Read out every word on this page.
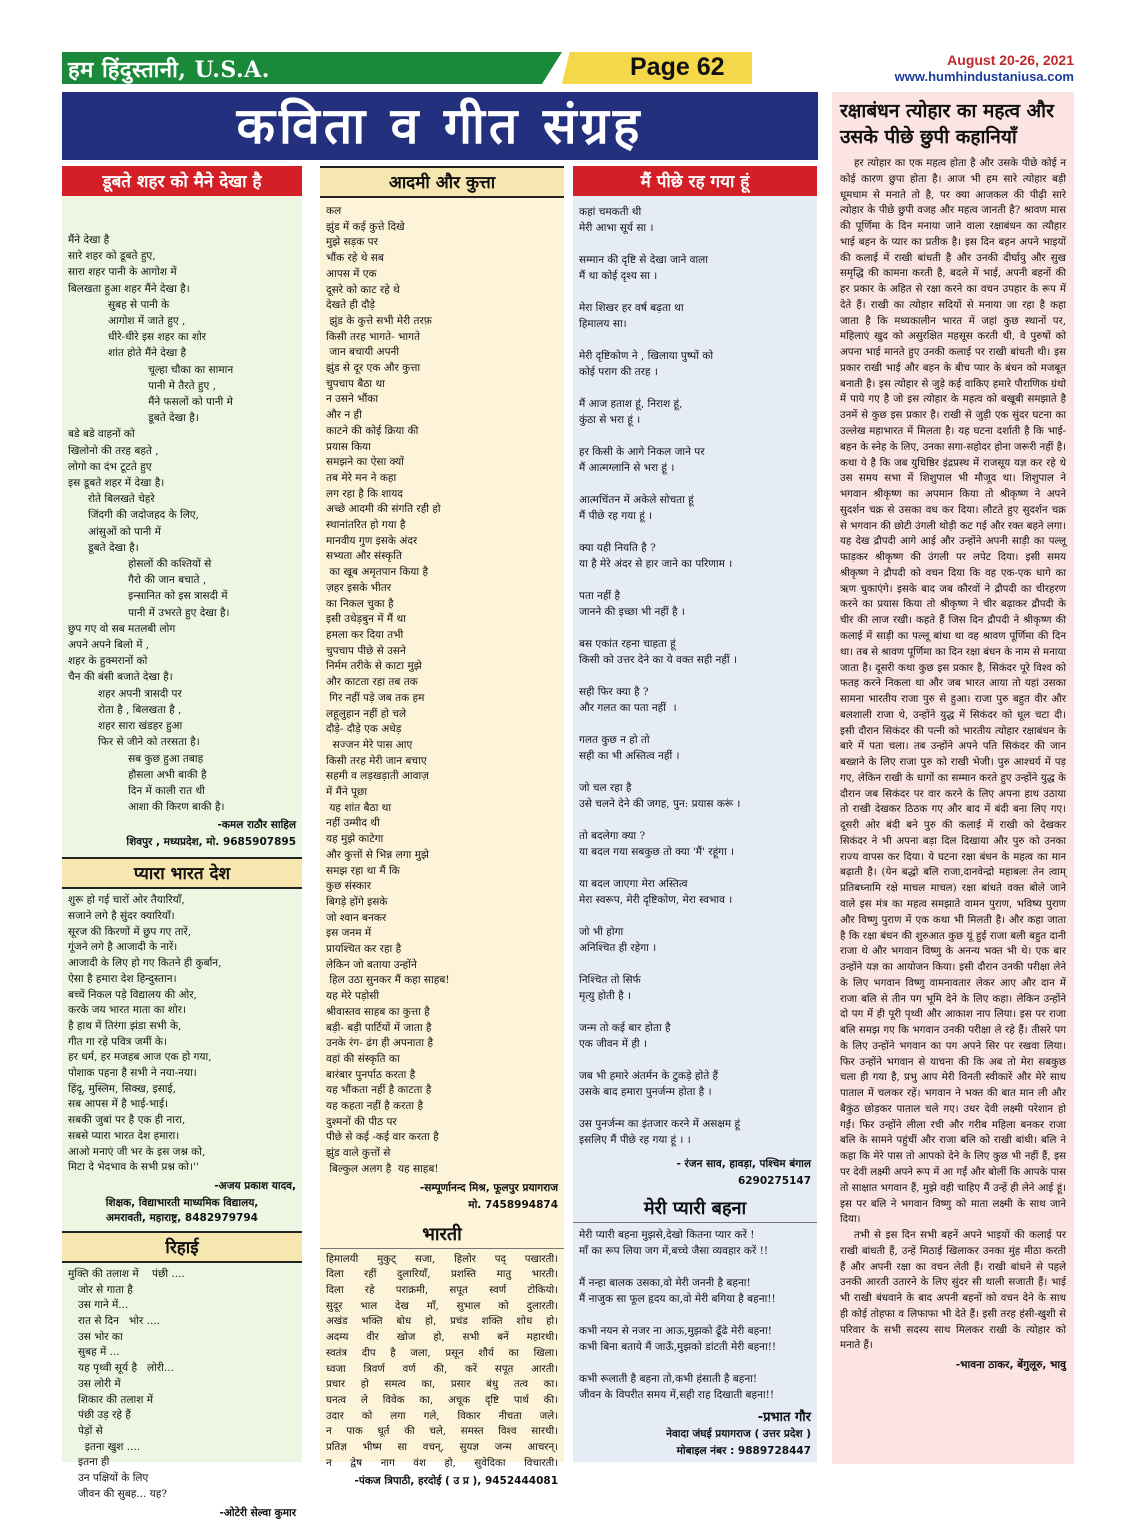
हम हिंदुस्तानी, U.S.A.	Page 62	August 20-26, 2021
www.humhindustaniusa.com
कविता व गीत संग्रह
डूबते शहर को मैने देखा है
मैंने देखा है
सारे शहर को डूबते हुए,
सारा शहर पानी के आगोश में
बिलखता हुआ शहर मैंने देखा है।
सुबह से पानी के
आगोश में जाते हुए ,
धीरे-धीरे इस शहर का शोर
शांत होते मैंने देखा है
चूल्हा चौका का सामान
पानी मे तैरते हुए ,
मैंने फसलों को पानी मे
डूबते देखा है।
बडे बडे वाहनों को
खिलोनो की तरह बहते ,
लोगो का दंभ टूटते हुए
इस डूबते शहर में देखा है।
रोते बिलखते चेहरे
जिंदगी की जदोजहद के लिए,
आंसुओं को पानी में
डूबते देखा है।
होसलों की कश्तियों से
गैरो की जान बचाते ,
इन्सानित को इस त्रासदी में
पानी में उभरते हुए देखा है।
छुप गए वो सब मतलबी लोग
अपने अपने बिलो में ,
शहर के हुक्मरानों को
चैन की बंसी बजाते देखा है।
शहर अपनी त्रासदी पर
रोता है , बिलखता है ,
शहर सारा खंडहर हुआ
फिर से जीने को तरसता है।
सब कुछ हुआ तबाह
हौसला अभी बाकी है
दिन में काली रात थी
आशा की किरण बाकी है।
-कमल राठौर साहिल
शिवपुर , मध्यप्रदेश, मो. 9685907895
प्यारा भारत देश
शुरू हो गई चारों ओर तैयारियाँ,
सजाने लगे है सुंदर क्यारियाँ।
सूरज की किरणों में छुप गए तारें,
गूंजने लगे है आजादी के नारें।
आजादी के लिए हो गए कितने ही कुर्बान,
ऐसा है हमारा देश हिन्दुस्तान।
बच्चें निकल पड़े विद्यालय की ओर,
करके जय भारत माता का शोर।
है हाथ में तिरंगा झंडा सभी के,
गीत गा रहे पवित्र जमीं के।
हर धर्म, हर मजहब आज एक हो गया,
पोशाक पहना है सभी ने नया-नया।
हिंदू, मुस्लिम, सिक्ख, इसाई,
सब आपस में है भाई-भाई।
सबकी जुबां पर है एक ही नारा,
सबसे प्यारा भारत देश हमारा।
आओ मनाएं जी भर के इस जश्न को,
मिटा दे भेदभाव के सभी प्रश्न को।''
-अजय प्रकाश यादव,
शिक्षक, विद्याभारती माध्यमिक विद्यालय,
अमरावती, महाराष्ट्र, 8482979794
रिहाई
मुक्ति की तलाश में    पंछी ....
जोर से गाता है
उस गाने में...
रात से दिन   भोर ....
उस भोर का
सुबह में ...
यह पृथ्वी सूर्य है   लोरी...
उस लोरी में
शिकार की तलाश में
पंछी उड़ रहे हैं
पेड़ों से
इतना खुश ....
इतना ही
उन पक्षियों के लिए
जीवन की सुबह... यह?
-ओटेरी सेल्वा कुमार
आदमी और कुत्ता
कल
झुंड में कई कुत्ते दिखे
मुझे सड़क पर
भौंक रहे थे सब
आपस में एक
दूसरे को काट रहे थे
देखते ही दौड़े
झुंड के कुत्ते सभी मेरी तरफ़
किसी तरह भागते- भागते
जान बचायी अपनी
झुंड से दूर एक और कुत्ता
चुपचाप बैठा था
न उसने भौंका
और न ही
काटने की कोई क्रिया की
प्रयास किया
समझने का ऐसा क्यों
तब मेरे मन ने कहा
लग रहा है कि शायद
अच्छे आदमी की संगति रही हो
स्थानांतरित हो गया है
मानवीय गुण इसके अंदर
सभ्यता और संस्कृति
का खूब अमृतपान किया है
ज़हर इसके भीतर
का निकल चुका है
इसी उधेड़बुन में मैं था
हमला कर दिया तभी
चुपचाप पीछे से उसने
निर्मम तरीके से काटा मुझे
और काटता रहा तब तक
गिर नहीं पड़े जब तक हम
लहूलुहान नहीं हो चले
दौड़े- दौड़े एक अधेड़
सज्जन मेरे पास आए
किसी तरह मेरी जान बचाए
सहमी व लड़खड़ाती आवाज़
में मैंने पूछा
यह शांत बैठा था
नहीं उम्मीद थी
यह मुझे काटेगा
और कुत्तों से भिन्न लगा मुझे
समझ रहा था मैं कि
कुछ संस्कार
बिगड़े होंगे इसके
जो श्वान बनकर
इस जनम में
प्रायश्चित कर रहा है
लेकिन जो बताया उन्होंने
हिल उठा सुनकर मैं कहा साहब!
यह मेरे पड़ोसी
श्रीवास्तव साहब का कुत्ता है
बड़ी- बड़ी पार्टियों में जाता है
उनके रंग- ढंग ही अपनाता है
वहां की संस्कृति का
बारंबार पुनर्पाठ करता है
यह भौंकता नहीं है काटता है
यह कहता नहीं है करता है
दुश्मनों की पीठ पर
पीछे से कई -कई वार करता है
झुंड वाले कुत्तों से
बिल्कुल अलग है  यह साहब!
-सम्पूर्णानन्द मिश्र, फूलपुर प्रयागराज
मो. 7458994874
भारती
हिमालयी मुकुट् सजा, हिलोर पद् पखारती।
दिला रहीं दुलारियाँ, प्रशस्ति मातु भारती।
दिला रहे पराक्रमी, सपूत स्वर्ण टोकियो।
सुदूर भाल देख माँ, सुभाल को दुलारती।
अखंड भक्ति बोध हो, प्रचंड शक्ति शोध हो।
अदम्य वीर खोज हो, सभी बनें महारथी।
स्वतंत्र दीप है जला, प्रसून शौर्य का खिला।
ध्वजा त्रिवर्ण वर्ण की, करें सपूत आरती।
प्रचार हो समत्व का, प्रसार बंधु तत्व का।
घनत्व ले विवेक का, अचूक दृष्टि पार्थ की।
उदार को लगा गले, विकार नीचता जले।
न पाक धूर्त की चले, समस्त विश्व सारथी।
प्रतिज्ञ भीष्म सा वचन्, सुयज्ञ जन्म आचरन्।
न द्वेष नाग वंश हो, सुवेदिका विचारती।
-पंकज त्रिपाठी, हरदोई ( उ प्र ), 9452444081
मैं पीछे रह गया हूं
कहां चमकती थी
मेरी आभा सूर्य सा ।
सम्मान की दृष्टि से देखा जाने वाला
मैं था कोई दृश्य सा ।
मेरा शिखर हर वर्ष बढ़ता था
हिमालय सा।
मेरी दृष्टिकोण ने , खिलाया पुष्पों को
कोई पराग की तरह ।
मैं आज हताश हूं, निराश हूं,
कुंठा से भरा हूं ।
हर किसी के आगे निकल जाने पर
मैं आत्मग्लानि से भरा हूं ।
आत्मचिंतन में अकेले सोचता हूं
मैं पीछे रह गया हूं ।
क्या यही नियति है ?
या है मेरे अंदर से हार जाने का परिणाम ।
पता नहीं है
जानने की इच्छा भी नहीं है ।
बस एकांत रहना चाहता हूं
किसी को उत्तर देने का ये वक्त सही नहीं ।
सही फिर क्या है ?
और गलत का पता नहीं  ।
गलत कुछ न हो तो
सही का भी अस्तित्व नहीं ।
जो चल रहा है
उसे चलने देने की जगह, पुन: प्रयास करूं ।
तो बदलेगा क्या ?
या बदल गया सबकुछ तो क्या 'मैं' रहूंगा ।
या बदल जाएगा मेरा अस्तित्व
मेरा स्वरूप, मेरी दृष्टिकोण, मेरा स्वभाव ।
जो भी होगा
अनिश्चित ही रहेगा ।
निश्चित तो सिर्फ
मृत्यु होती है ।
जन्म तो कई बार होता है
एक जीवन में ही ।
जब भी हमारे अंतर्मन के टुकड़े होते हैं
उसके बाद हमारा पुनर्जन्म होता है ।
उस पुनर्जन्म का इंतजार करने में असक्षम हूं
इसलिए मैं पीछे रह गया हूं । ।
- रंजन साव, हावड़ा, पश्चिम बंगाल
6290275147
मेरी प्यारी बहना
मेरी प्यारी बहना मुझसे,देखो कितना प्यार करें !
माँ का रूप लिया जग में,बच्चे जैसा व्यवहार करें !!
मैं नन्हा बालक उसका,वो मेरी जननी है बहना!
मैं नाजुक सा फूल हृदय का,वो मेरी बगिया है बहना!!
कभी नयन से नजर ना आऊ,मुझको ढूँढे मेरी बहना!
कभी बिना बताये मैं जाऊँ,मुझको डांटती मेरी बहना!!
कभी रूलाती है बहना तो,कभी हंसाती है बहना!
जीवन के विपरीत समय में,सही राह दिखाती बहना!!
-प्रभात गौर
नेवादा जंघई प्रयागराज ( उत्तर प्रदेश )
मोबाइल नंबर : 9889728447
रक्षाबंधन त्योहार का महत्व और उसके पीछे छुपी कहानियाँ

हर त्योहार का एक महत्व होता है और उसके पीछे कोई न कोई कारण छुपा होता है। आज भी हम सारे त्योहार बड़ी धूमधाम से मनाते तो है, पर क्या आजकल की पीढ़ी सारे त्योहार के पीछे छुपी वजह और महत्व जानती है? श्रावण मास की पूर्णिमा के दिन मनाया जाने वाला रक्षाबंधन का त्यौहार भाई बहन के प्यार का प्रतीक है। इस दिन बहन अपने भाइयों की कलाई में राखी बांधती है और उनकी दीर्घायु और सुख समृद्धि की कामना करती है, बदले में भाई, अपनी बहनों की हर प्रकार के अहित से रक्षा करने का वचन उपहार के रूप में देते हैं। राखी का त्योहार सदियों से मनाया जा रहा है कहा जाता है कि मध्यकालीन भारत में जहां कुछ स्थानों पर, महिलाएं खुद को असुरक्षित महसूस करती थी, वे पुरुषों को अपना भाई मानते हुए उनकी कलाई पर राखी बांधती थी। इस प्रकार राखी भाई और बहन के बीच प्यार के बंधन को मजबूत बनाती है। इस त्योहार से जुड़े कई वाकिए हमारे पौराणिक ग्रंथो में पाये गए है जो इस त्योहार के महत्व को बखूबी समझाते है उनमें से कुछ इस प्रकार है। राखी से जुड़ी एक सुंदर घटना का उल्लेख महाभारत में मिलता है। यह घटना दर्शाती है कि भाई-बहन के स्नेह के लिए, उनका सगा-सहोदर होना जरूरी नहीं है। कथा ये है कि जब युधिष्ठिर इंद्रप्रस्थ में राजसूय यज्ञ कर रहे थे उस समय सभा में शिशुपाल भी मौजूद था। शिशुपाल ने भगवान श्रीकृष्ण का अपमान किया तो श्रीकृष्ण ने अपने सुदर्शन चक्र से उसका वध कर दिया। लौटते हुए सुदर्शन चक्र से भगवान की छोटी उंगली थोड़ी कट गई और रक्त बहने लगा। यह देख द्रौपदी आगे आई और उन्होंने अपनी साड़ी का पल्लू फाड़कर श्रीकृष्ण की उंगली पर लपेट दिया। इसी समय श्रीकृष्ण ने द्रौपदी को वचन दिया कि वह एक-एक धागे का ऋण चुकाएंगे। इसके बाद जब कौरवों ने द्रौपदी का चीरहरण करने का प्रयास किया तो श्रीकृष्ण ने चीर बढ़ाकर द्रौपदी के चीर की लाज रखी। कहते हैं जिस दिन द्रौपदी ने श्रीकृष्ण की कलाई में साड़ी का पल्लू बांधा था वह श्रावण पूर्णिमा की दिन था। तब से श्रावण पूर्णिमा का दिन रक्षा बंधन के नाम से मनाया जाता है। दूसरी कथा कुछ इस प्रकार है, सिकंदर पूरे विश्व को फतह करने निकला था और जब भारत आया तो यहां उसका सामना भारतीय राजा पुरु से हुआ। राजा पुरु बहुत वीर और बलशाली राजा थे, उन्होंने युद्ध में सिकंदर को धूल चटा दी। इसी दौरान सिकंदर की पत्नी को भारतीय त्योहार रक्षाबंधन के बारे में पता चला। तब उन्होंने अपने पति सिकंदर की जान बख्शने के लिए राजा पुरु को राखी भेजी। पुरु आश्चर्य में पड़ गए, लेकिन राखी के धागों का सम्मान करते हुए उन्होंने युद्ध के दौरान जब सिकंदर पर वार करने के लिए अपना हाथ उठाया तो राखी देखकर ठिठक गए और बाद में बंदी बना लिए गए। दूसरी ओर बंदी बने पुरु की कलाई में राखी को देखकर सिकंदर ने भी अपना बड़ा दिल दिखाया और पुरु को उनका राज्य वापस कर दिया। ये घटना रक्षा बंधन के महत्व का मान बढ़ाती है। (येन बद्धो बलि राजा,दानवेन्द्रो महाबलः तेन त्वाम् प्रतिबध्नामि रक्षे माचल माचल) रक्षा बांधते वक्त बोले जाने वाले इस मंत्र का महत्व समझाते वामन पुराण, भविष्य पुराण और विष्णु पुराण में एक कथा भी मिलती है। और कहा जाता है कि रक्षा बंधन की शुरुआत कुछ यूं हुई राजा बली बहुत दानी राजा थे और भगवान विष्णु के अनन्य भक्त भी थे। एक बार उन्होंने यज्ञ का आयोजन किया। इसी दौरान उनकी परीक्षा लेने के लिए भगवान विष्णु वामनावतार लेकर आए और दान में राजा बलि से तीन पग भूमि देने के लिए कहा। लेकिन उन्होंने दो पग में ही पूरी पृथ्वी और आकाश नाप लिया। इस पर राजा बलि समझ गए कि भगवान उनकी परीक्षा ले रहे हैं। तीसरे पग के लिए उन्होंने भगवान का पग अपने सिर पर रखवा लिया। फिर उन्होंने भगवान से याचना की कि अब तो मेरा सबकुछ चला ही गया है, प्रभु आप मेरी विनती स्वीकारें और मेरे साथ पाताल में चलकर रहें। भगवान ने भक्त की बात मान ली और बैकुंठ छोड़कर पाताल चले गए। उधर देवी लक्ष्मी परेशान हो गईं। फिर उन्होंने लीला रची और गरीब महिला बनकर राजा बलि के सामने पहुंचीं और राजा बलि को राखी बांधी। बलि ने कहा कि मेरे पास तो आपको देने के लिए कुछ भी नहीं हैं, इस पर देवी लक्ष्मी अपने रूप में आ गईं और बोलीं कि आपके पास तो साक्षात भगवान हैं, मुझे वही चाहिए मैं उन्हें ही लेने आई हूं। इस पर बलि ने भगवान विष्णु को माता लक्ष्मी के साथ जाने दिया।

तभी से इस दिन सभी बहनें अपने भाइयों की कलाई पर राखी बांधती हैं, उन्हें मिठाई खिलाकर उनका मुंह मीठा करती हैं और अपनी रक्षा का वचन लेती हैं। राखी बांधने से पहले उनकी आरती उतारने के लिए सुंदर सी थाली सजाती हैं। भाई भी राखी बंधवाने के बाद अपनी बहनों को वचन देने के साथ ही कोई तोहफा व लिफाफा भी देते हैं। इसी तरह हंसी-खुशी से परिवार के सभी सदस्य साथ मिलकर राखी के त्योहार को मनाते हैं।

-भावना ठाकर, बेंगुलूरु, भावु
